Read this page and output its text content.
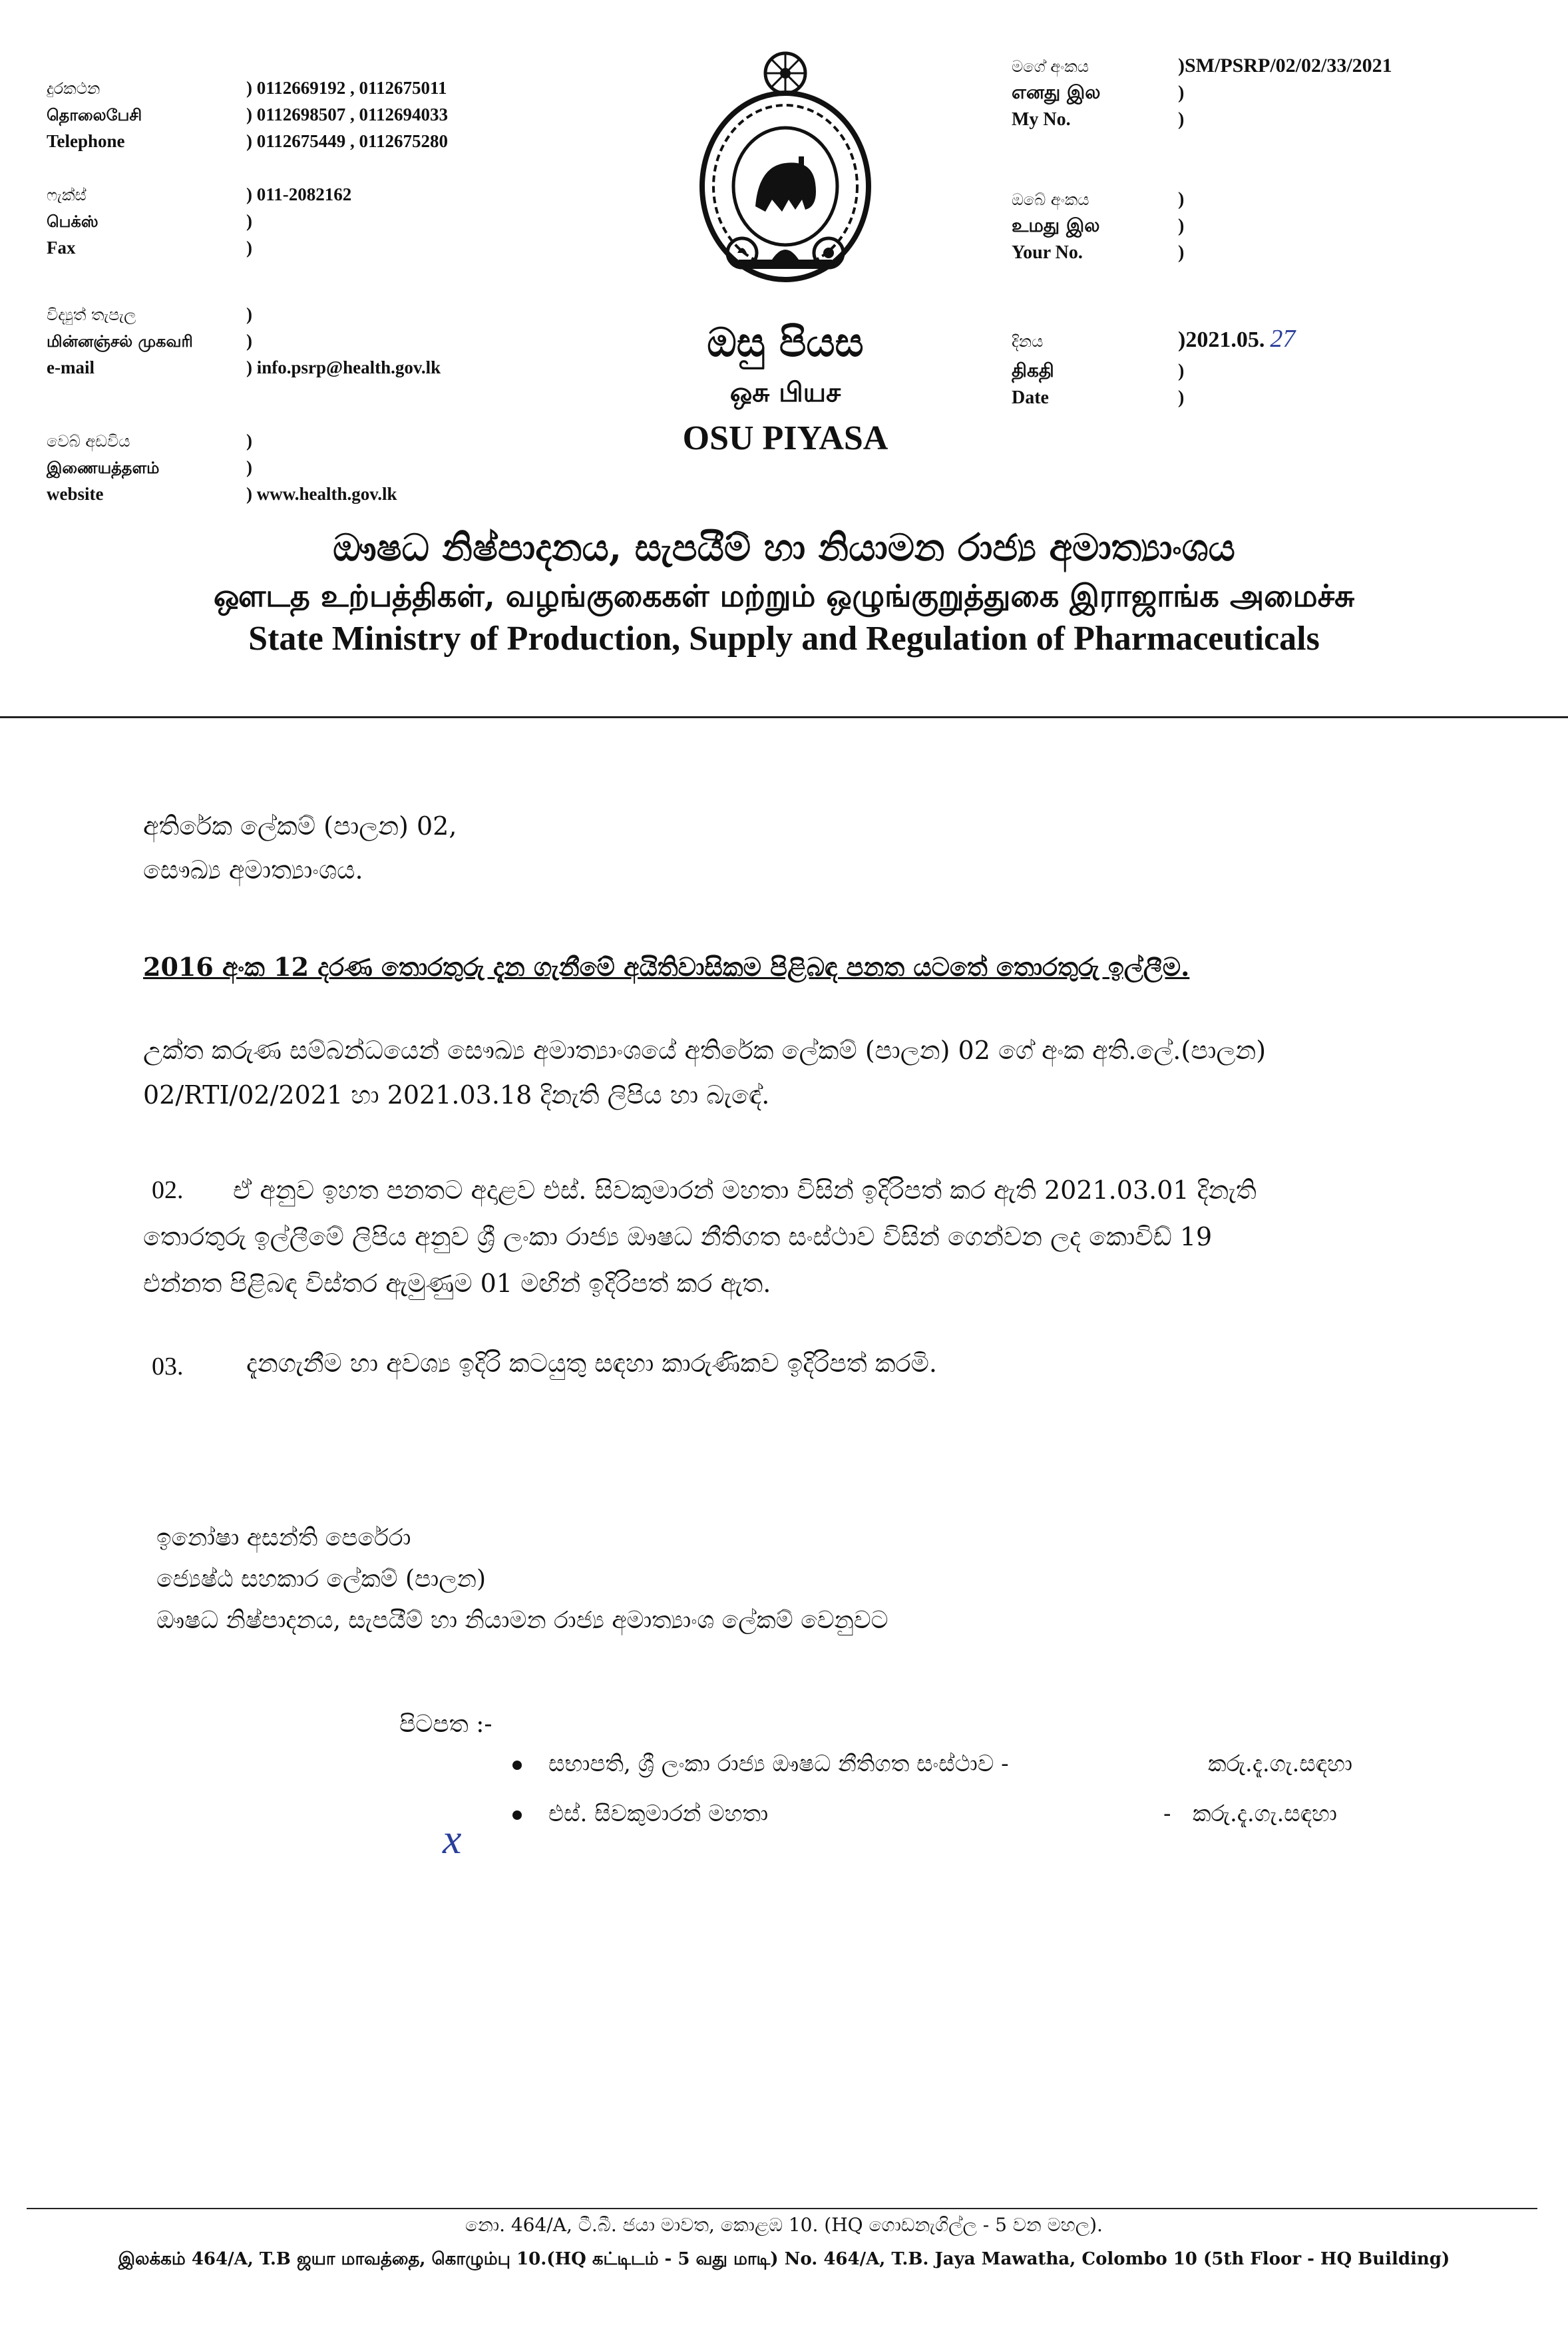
දුරකථන	) 0112669192 , 0112675011
தொலைபேசி	) 0112698507 , 0112694033
Telephone	) 0112675449 , 0112675280
ෆැක්ස්	) 011-2082162
பெக்ஸ்	)
Fax	)
විද්‍යුත් තැපැල	)
மின்னஞ்சல் முகவரி	)
e-mail	) info.psrp@health.gov.lk
වෙබ් අඩවිය	)
இணையத்தளம்	)
website	) www.health.gov.lk
ඔසු පියස
ஒசு பியச
OSU PIYASA
මගේ අංකය	)SM/PSRP/02/02/33/2021
எனது இல	)
My No.	)
ඔබේ අංකය	)
உமது இல	)
Your No.	)
දිනය	)2021.05. 27
திகதி	)
Date	)
ඖෂධ නිෂ්පාදනය, සැපයීම් හා නියාමන රාජ්‍ය අමාත්‍යාංශය
ஔடத உற்பத்திகள், வழங்குகைகள் மற்றும் ஒழுங்குறுத்துகை இராஜாங்க அமைச்சு
State Ministry of Production, Supply and Regulation of Pharmaceuticals
අතිරේක ලේකම් (පාලන) 02,
සෞඛ්‍ය අමාත්‍යාංශය.
2016 අංක 12 දරණ තොරතුරු දැන ගැනීමේ අයිතිවාසිකම පිළිබඳ පනත යටතේ තොරතුරු ඉල්ලීම.
උක්ත කරුණ සම්බන්ධයෙන් සෞඛ්‍ය අමාත්‍යාංශයේ අතිරේක ලේකම් (පාලන) 02 ගේ අංක අති.ලේ.(පාලන)
02/RTI/02/2021 හා 2021.03.18 දිනැති ලිපිය හා බැඳේ.
02. ඒ අනුව ඉහත පනතට අදාළව එස්. සිවකුමාරන් මහතා විසින් ඉදිරිපත් කර ඇති 2021.03.01 දිනැති
තොරතුරු ඉල්ලීමේ ලිපිය අනුව ශ්‍රී ලංකා රාජ්‍ය ඖෂධ නීතිගත සංස්ථාව විසින් ගෙන්වන ලද කොවිඩ් 19
එන්නත පිළිබඳ විස්තර ඇමුණුම 01 මඟින් ඉදිරිපත් කර ඇත.
03. දැනගැනීම හා අවශ්‍ය ඉදිරි කටයුතු සඳහා කාරුණිකව ඉදිරිපත් කරමි.
ඉනෝෂා අසන්ති පෙරේරා
ජ්‍යෙෂ්ඨ සහකාර ලේකම් (පාලන)
ඖෂධ නිෂ්පාදනය, සැපයීම් හා නියාමන රාජ්‍ය අමාත්‍යාංශ ලේකම් වෙනුවට
පිටපත :-
සභාපති, ශ්‍රී ලංකා රාජ්‍ය ඖෂධ නීතිගත සංස්ථාව -	කරු.දැ.ගැ.සඳහා
එස්. සිවකුමාරන් මහතා	-   කරු.දැ.ගැ.සඳහා
x
නො. 464/A, ටී.බී. ජයා මාවත, කොළඹ 10. (HQ ගොඩනැගිල්ල - 5 වන මහල).
இலக்கம் 464/A, T.B ஜயா மாவத்தை, கொழும்பு 10.(HQ கட்டிடம் - 5 வது மாடி) No. 464/A, T.B. Jaya Mawatha, Colombo 10 (5th Floor - HQ Building)
